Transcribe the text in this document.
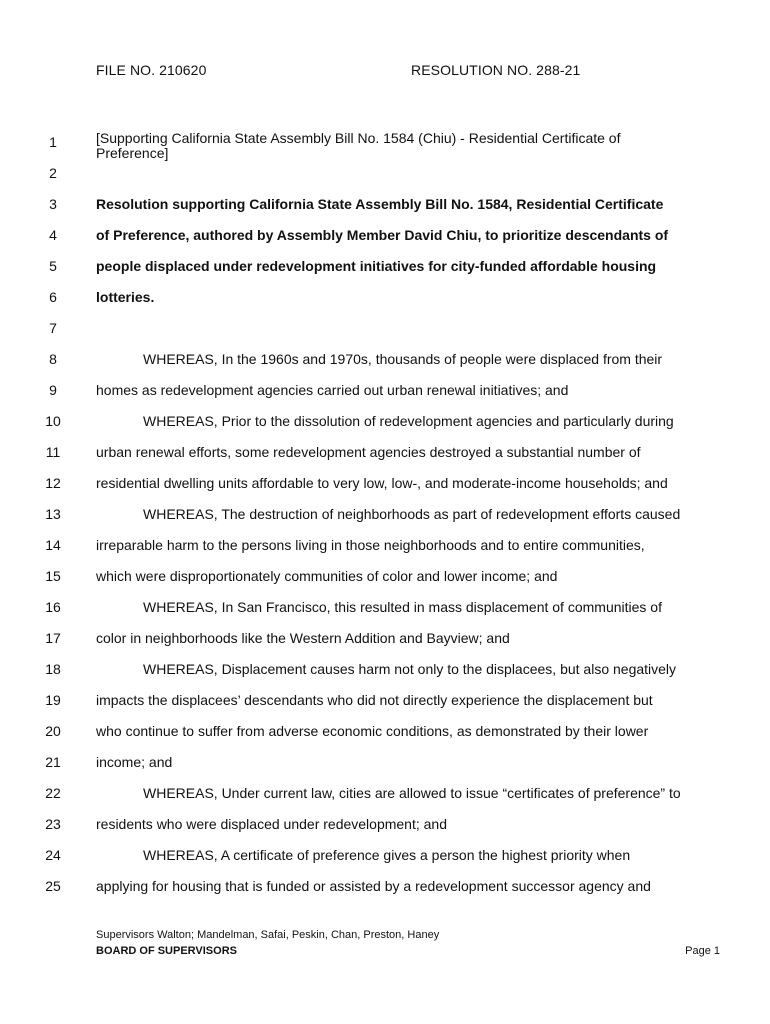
FILE NO. 210620	RESOLUTION NO. 288-21
1
2
3
4
5
6
7
8
9
10
11
12
13
14
15
16
17
18
19
20
21
22
23
24
25
[Supporting California State Assembly Bill No. 1584 (Chiu) - Residential Certificate of Preference]
Resolution supporting California State Assembly Bill No. 1584, Residential Certificate
of Preference, authored by Assembly Member David Chiu, to prioritize descendants of
people displaced under redevelopment initiatives for city-funded affordable housing
lotteries.
WHEREAS, In the 1960s and 1970s, thousands of people were displaced from their
homes as redevelopment agencies carried out urban renewal initiatives; and
WHEREAS, Prior to the dissolution of redevelopment agencies and particularly during
urban renewal efforts, some redevelopment agencies destroyed a substantial number of
residential dwelling units affordable to very low, low-, and moderate-income households; and
WHEREAS, The destruction of neighborhoods as part of redevelopment efforts caused
irreparable harm to the persons living in those neighborhoods and to entire communities,
which were disproportionately communities of color and lower income; and
WHEREAS, In San Francisco, this resulted in mass displacement of communities of
color in neighborhoods like the Western Addition and Bayview; and
WHEREAS, Displacement causes harm not only to the displacees, but also negatively
impacts the displacees’ descendants who did not directly experience the displacement but
who continue to suffer from adverse economic conditions, as demonstrated by their lower
income; and
WHEREAS, Under current law, cities are allowed to issue “certificates of preference” to
residents who were displaced under redevelopment; and
WHEREAS, A certificate of preference gives a person the highest priority when
applying for housing that is funded or assisted by a redevelopment successor agency and
Supervisors Walton; Mandelman, Safai, Peskin, Chan, Preston, Haney
BOARD OF SUPERVISORS	Page 1
